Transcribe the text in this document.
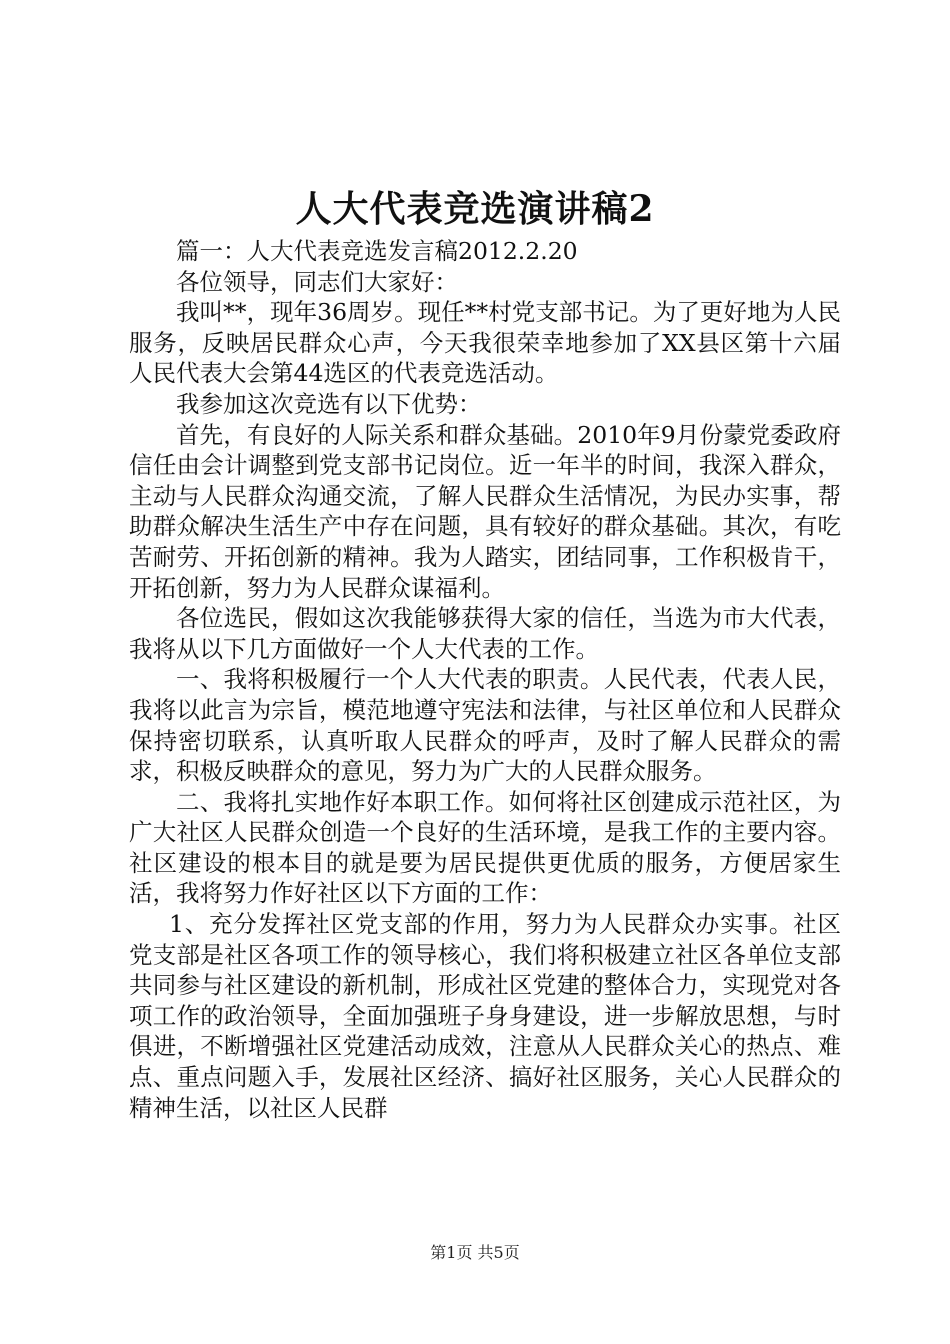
人大代表竞选演讲稿2

篇一：人大代表竞选发言稿2012.2.20

各位领导，同志们大家好：

我叫**，现年36周岁。现任**村党支部书记。为了更好地为人民服务，反映居民群众心声，今天我很荣幸地参加了XX县区第十六届人民代表大会第44选区的代表竞选活动。

我参加这次竞选有以下优势：

首先，有良好的人际关系和群众基础。2010年9月份蒙党委政府信任由会计调整到党支部书记岗位。近一年半的时间，我深入群众，主动与人民群众沟通交流，了解人民群众生活情况，为民办实事，帮助群众解决生活生产中存在问题，具有较好的群众基础。其次，有吃苦耐劳、开拓创新的精神。我为人踏实，团结同事，工作积极肯干，开拓创新，努力为人民群众谋福利。

各位选民，假如这次我能够获得大家的信任，当选为市大代表，我将从以下几方面做好一个人大代表的工作。

一、我将积极履行一个人大代表的职责。人民代表，代表人民，我将以此言为宗旨，模范地遵守宪法和法律，与社区单位和人民群众保持密切联系，认真听取人民群众的呼声，及时了解人民群众的需求，积极反映群众的意见，努力为广大的人民群众服务。

二、我将扎实地作好本职工作。如何将社区创建成示范社区，为广大社区人民群众创造一个良好的生活环境，是我工作的主要内容。社区建设的根本目的就是要为居民提供更优质的服务，方便居家生活，我将努力作好社区以下方面的工作：

1、充分发挥社区党支部的作用，努力为人民群众办实事。社区党支部是社区各项工作的领导核心，我们将积极建立社区各单位支部共同参与社区建设的新机制，形成社区党建的整体合力，实现党对各项工作的政治领导，全面加强班子身身建设，进一步解放思想，与时俱进，不断增强社区党建活动成效，注意从人民群众关心的热点、难点、重点问题入手，发展社区经济、搞好社区服务，关心人民群众的精神生活，以社区人民群

第1页 共5页
